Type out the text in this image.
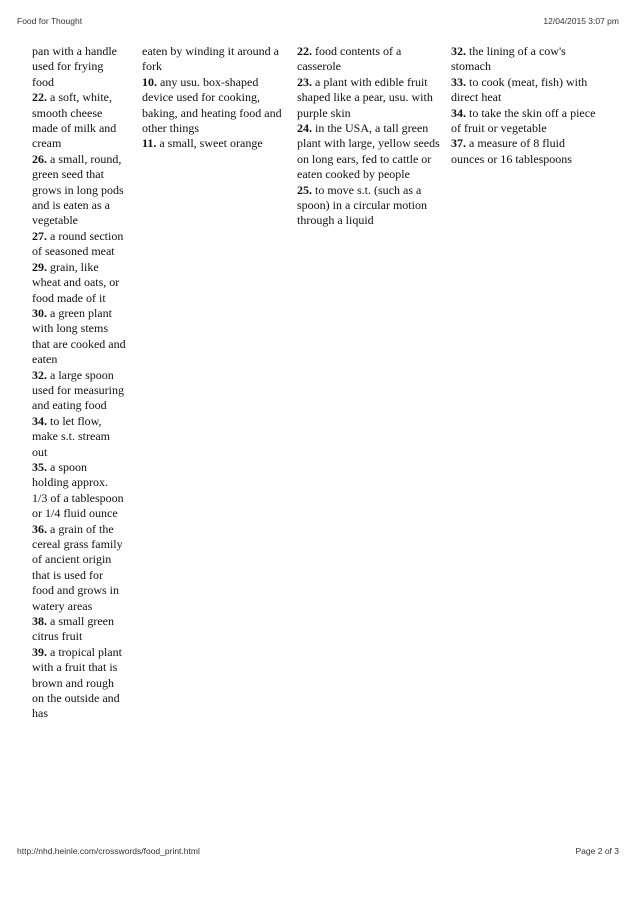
Food for Thought	12/04/2015 3:07 pm

pan with a handle used for frying food

22. a soft, white, smooth cheese made of milk and cream

26. a small, round, green seed that grows in long pods and is eaten as a vegetable

27. a round section of seasoned meat

29. grain, like wheat and oats, or food made of it

30. a green plant with long stems that are cooked and eaten

32. a large spoon used for measuring and eating food

34. to let flow, make s.t. stream out

35. a spoon holding approx. 1/3 of a tablespoon or 1/4 fluid ounce

36. a grain of the cereal grass family of ancient origin that is used for food and grows in watery areas

38. a small green citrus fruit

39. a tropical plant with a fruit that is brown and rough on the outside and has

eaten by winding it around a fork

10. any usu. box-shaped device used for cooking, baking, and heating food and other things

11. a small, sweet orange

22. food contents of a casserole

23. a plant with edible fruit shaped like a pear, usu. with purple skin

24. in the USA, a tall green plant with large, yellow seeds on long ears, fed to cattle or eaten cooked by people

25. to move s.t. (such as a spoon) in a circular motion through a liquid

32. the lining of a cow's stomach

33. to cook (meat, fish) with direct heat

34. to take the skin off a piece of fruit or vegetable

37. a measure of 8 fluid ounces or 16 tablespoons

http://nhd.heinle.com/crosswords/food_print.html	Page 2 of 3
